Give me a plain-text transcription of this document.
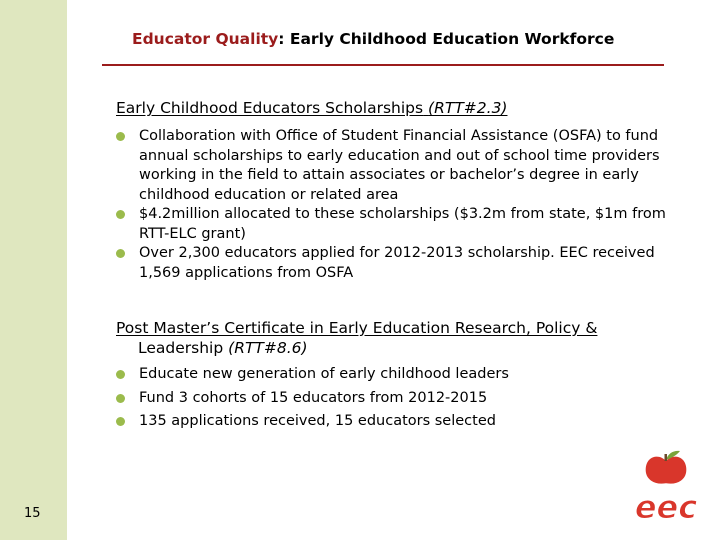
Educator Quality: Early Childhood Education Workforce
Early Childhood Educators Scholarships (RTT#2.3)
Collaboration with Office of Student Financial Assistance (OSFA) to fund annual scholarships to early education and out of school time providers working in the field to attain associates or bachelor’s degree in early childhood education or related area
$4.2million allocated to these scholarships ($3.2m from state, $1m from RTT-ELC grant)
Over 2,300 educators applied for 2012-2013 scholarship. EEC received 1,569 applications from OSFA
Post Master’s Certificate in Early Education Research, Policy &
Leadership (RTT#8.6)
Educate new generation of early childhood leaders
Fund 3 cohorts of 15 educators from 2012-2015
135 applications received, 15 educators selected
15	eec
